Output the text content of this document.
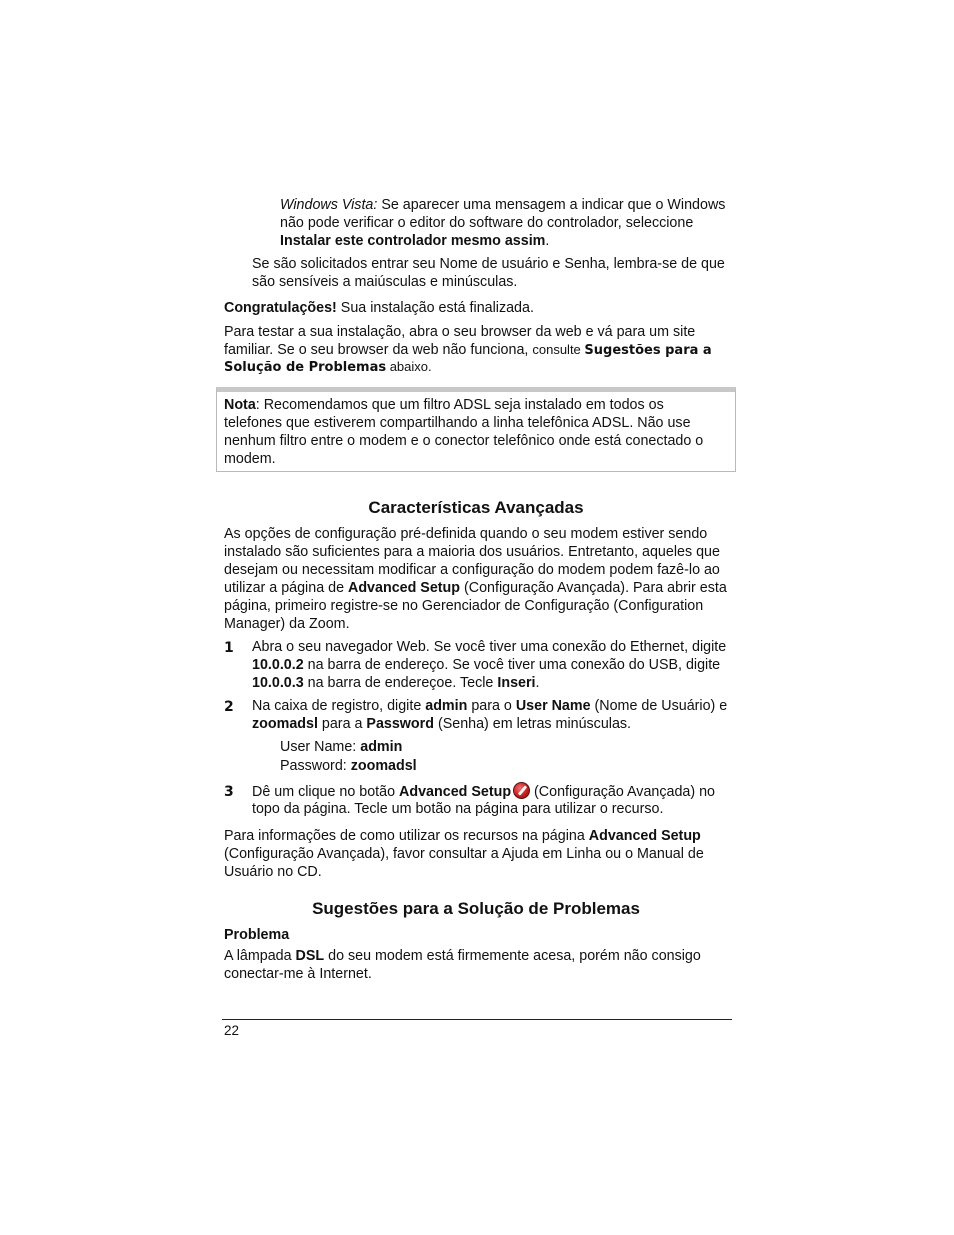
Windows Vista: Se aparecer uma mensagem a indicar que o Windows

não pode verificar o editor do software do controlador, seleccione

Instalar este controlador mesmo assim.

Se são solicitados entrar seu Nome de usuário e Senha, lembra-se de que

são sensíveis a maiúsculas e minúsculas.

Congratulações! Sua instalação está finalizada.

Para testar a sua instalação, abra o seu browser da web e vá para um site

familiar. Se o seu browser da web não funciona, consulte Sugestões para a

Solução de Problemas abaixo.

Nota: Recomendamos que um filtro ADSL seja instalado em todos os

telefones que estiverem compartilhando a linha telefônica ADSL. Não use

nenhum filtro entre o modem e o conector telefônico onde está conectado o

modem.

Características Avançadas

As opções de configuração pré-definida quando o seu modem estiver sendo

instalado são suficientes para a maioria dos usuários. Entretanto, aqueles que

desejam ou necessitam modificar a configuração do modem podem fazê-lo ao

utilizar a página de Advanced Setup (Configuração Avançada). Para abrir esta

página, primeiro registre-se no Gerenciador de Configuração (Configuration

Manager) da Zoom.

1 Abra o seu navegador Web. Se você tiver uma conexão do Ethernet, digite

10.0.0.2 na barra de endereço. Se você tiver uma conexão do USB, digite

10.0.0.3 na barra de endereçoe. Tecle Inseri.

2 Na caixa de registro, digite admin para o User Name (Nome de Usuário) e

zoomadsl para a Password (Senha) em letras minúsculas.

User Name: admin

Password: zoomadsl

3 Dê um clique no botão Advanced Setup (Configuração Avançada) no

topo da página. Tecle um botão na página para utilizar o recurso.

Para informações de como utilizar os recursos na página Advanced Setup

(Configuração Avançada), favor consultar a Ajuda em Linha ou o Manual de

Usuário no CD.

Sugestões para a Solução de Problemas

Problema

A lâmpada DSL do seu modem está firmemente acesa, porém não consigo

conectar-me à Internet.

22
